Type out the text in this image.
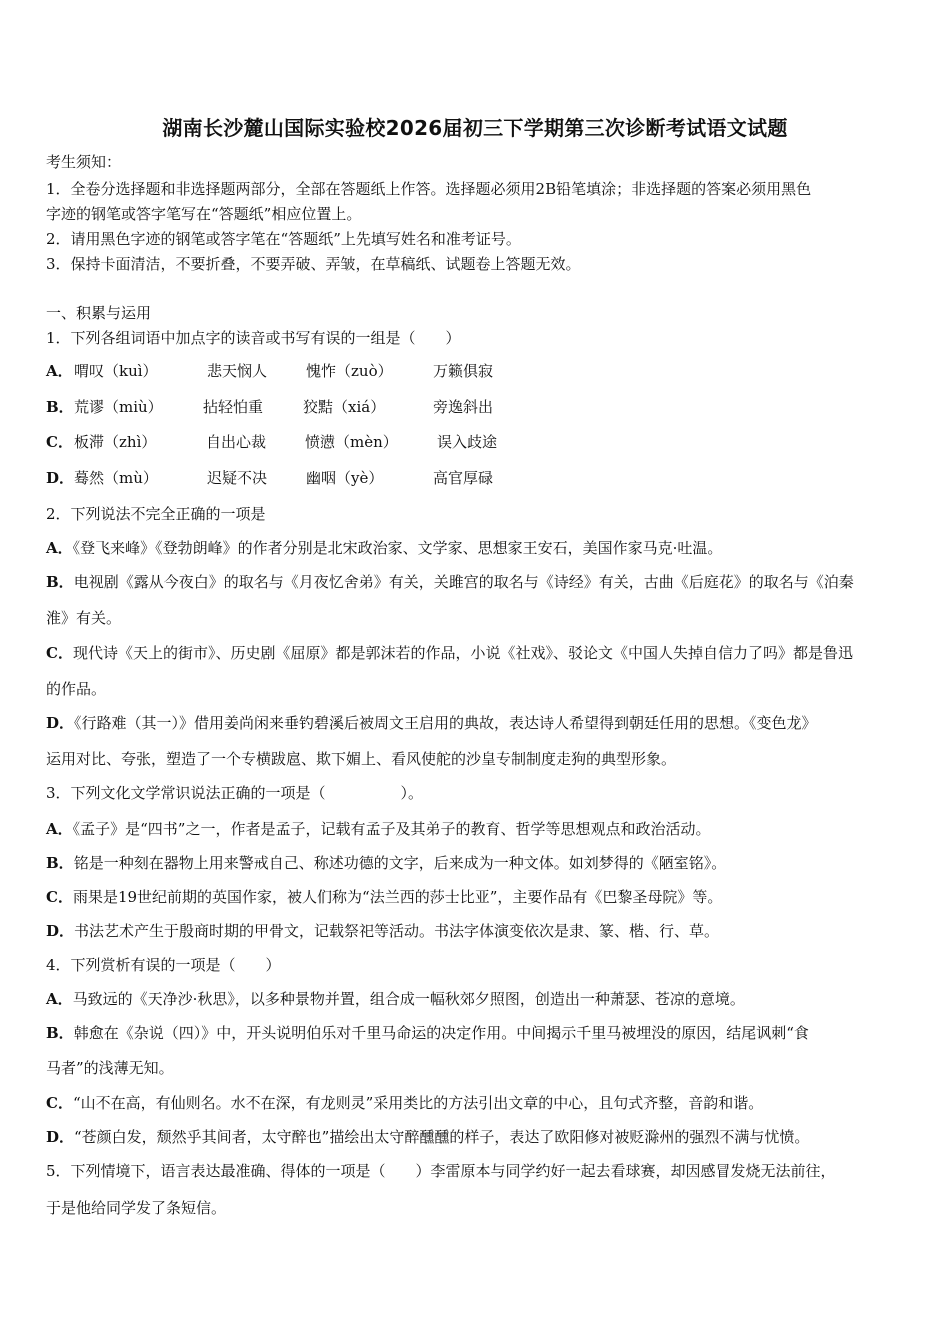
湖南长沙麓山国际实验校2026届初三下学期第三次诊断考试语文试题
考生须知：
1．全卷分选择题和非选择题两部分，全部在答题纸上作答。选择题必须用2B铅笔填涂；非选择题的答案必须用黑色
字迹的钢笔或答字笔写在“答题纸”相应位置上。
2．请用黑色字迹的钢笔或答字笔在“答题纸”上先填写姓名和准考证号。
3．保持卡面清洁，不要折叠，不要弄破、弄皱，在草稿纸、试题卷上答题无效。
一、积累与运用
1．下列各组词语中加点字的读音或书写有误的一组是（　　）
A． 喟叹（kuì）	悲天悯人	愧怍（zuò）	万籁俱寂
B． 荒谬（miù）	拈轻怕重	狡黠（xiá）	旁逸斜出
C． 板滞（zhì）	自出心裁	愤懑（mèn）	误入歧途
D． 蓦然（mù）	迟疑不决	幽咽（yè）	高官厚碌
2．下列说法不完全正确的一项是
A．《登飞来峰》《登勃朗峰》的作者分别是北宋政治家、文学家、思想家王安石，美国作家马克·吐温。
B．电视剧《露从今夜白》的取名与《月夜忆舍弟》有关，关雎宫的取名与《诗经》有关，古曲《后庭花》的取名与《泊秦
淮》有关。
C．现代诗《天上的街市》、历史剧《屈原》都是郭沫若的作品，小说《社戏》、驳论文《中国人失掉自信力了吗》都是鲁迅
的作品。
D．《行路难（其一）》借用姜尚闲来垂钓碧溪后被周文王启用的典故，表达诗人希望得到朝廷任用的思想。《变色龙》
运用对比、夸张，塑造了一个专横跋扈、欺下媚上、看风使舵的沙皇专制制度走狗的典型形象。
3．下列文化文学常识说法正确的一项是（　　　　　）。
A．《孟子》是“四书”之一，作者是孟子，记载有孟子及其弟子的教育、哲学等思想观点和政治活动。
B．铭是一种刻在器物上用来警戒自己、称述功德的文字，后来成为一种文体。如刘梦得的《陋室铭》。
C．雨果是19世纪前期的英国作家，被人们称为“法兰西的莎士比亚”，主要作品有《巴黎圣母院》等。
D．书法艺术产生于殷商时期的甲骨文，记载祭祀等活动。书法字体演变依次是隶、篆、楷、行、草。
4．下列赏析有误的一项是（　　）
A．马致远的《天净沙·秋思》，以多种景物并置，组合成一幅秋郊夕照图，创造出一种萧瑟、苍凉的意境。
B．韩愈在《杂说（四）》中，开头说明伯乐对千里马命运的决定作用。中间揭示千里马被埋没的原因，结尾讽刺“食
马者”的浅薄无知。
C．“山不在高，有仙则名。水不在深，有龙则灵”采用类比的方法引出文章的中心，且句式齐整，音韵和谐。
D．“苍颜白发，颓然乎其间者，太守醉也”描绘出太守醉醺醺的样子，表达了欧阳修对被贬滁州的强烈不满与忧愤。
5．下列情境下，语言表达最准确、得体的一项是（　　）李雷原本与同学约好一起去看球赛，却因感冒发烧无法前往，
于是他给同学发了条短信。
